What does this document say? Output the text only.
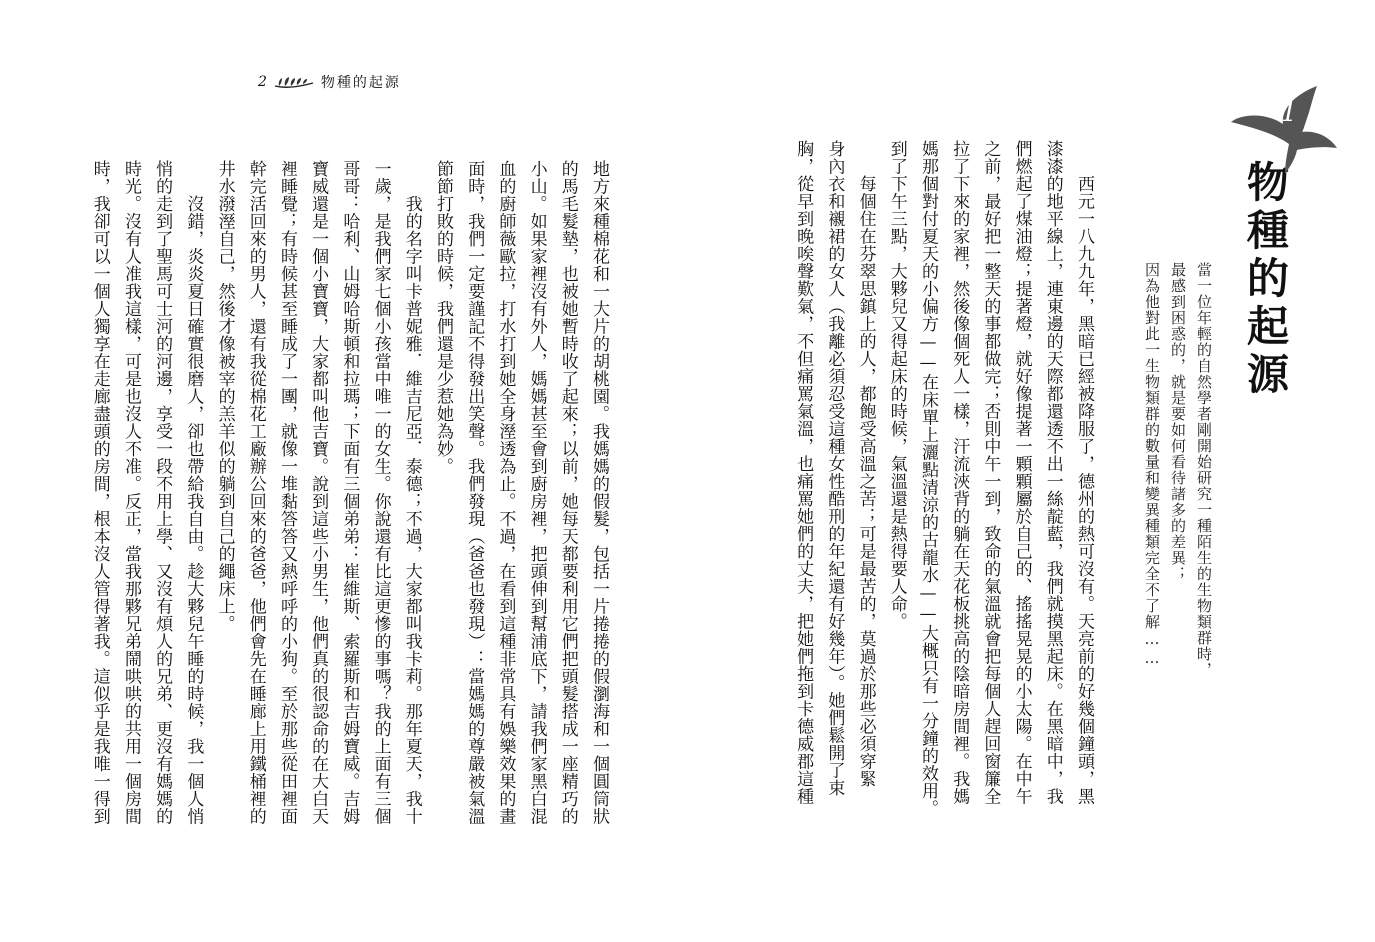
2	物種的起源
地方來種棉花和一大片的胡桃園。我媽媽的假髮，包括一片捲捲的假瀏海和一個圓筒狀
的馬毛髮墊，也被她暫時收了起來；以前，她每天都要利用它們把頭髮搭成一座精巧的
小山。如果家裡沒有外人，媽媽甚至會到廚房裡，把頭伸到幫浦底下，請我們家黑白混
血的廚師薇歐拉，打水打到她全身溼透為止。不過，在看到這種非常具有娛樂效果的畫
面時，我們一定要謹記不得發出笑聲。我們發現（爸爸也發現）：當媽媽的尊嚴被氣溫
節節打敗的時候，我們還是少惹她為妙。
　　我的名字叫卡普妮雅．維吉尼亞．泰德；不過，大家都叫我卡莉。那年夏天，我十
一歲，是我們家七個小孩當中唯一的女生。你說還有比這更慘的事嗎？我的上面有三個
哥哥：哈利、山姆哈斯頓和拉瑪；下面有三個弟弟：崔維斯、索羅斯和吉姆寶威。吉姆
寶威還是一個小寶寶，大家都叫他吉寶。說到這些小男生，他們真的很認命的在大白天
裡睡覺；有時候甚至睡成了一團，就像一堆黏答答又熱呼呼的小狗。至於那些從田裡面
幹完活回來的男人，還有我從棉花工廠辦公回來的爸爸，他們會先在睡廊上用鐵桶裡的
井水潑溼自己，然後才像被宰的羔羊似的躺到自己的繩床上。
　　沒錯，炎炎夏日確實很磨人，卻也帶給我自由。趁大夥兒午睡的時候，我一個人悄
悄的走到了聖馬可士河的河邊，享受一段不用上學、又沒有煩人的兄弟、更沒有媽媽的
時光。沒有人准我這樣，可是也沒人不准。反正，當我那夥兄弟鬧哄哄的共用一個房間
時，我卻可以一個人獨享在走廊盡頭的房間，根本沒人管得著我。這似乎是我唯一得到	　　西元一八九九年，黑暗已經被降服了，德州的熱可沒有。天亮前的好幾個鐘頭，黑
漆漆的地平線上，連東邊的天際都還透不出一絲靛藍，我們就摸黑起床。在黑暗中，我
們燃起了煤油燈；提著燈，就好像提著一顆顆屬於自己的、搖搖晃晃的小太陽。在中午
之前，最好把一整天的事都做完；否則中午一到，致命的氣溫就會把每個人趕回窗簾全
拉了下來的家裡，然後像個死人一樣，汗流浹背的躺在天花板挑高的陰暗房間裡。我媽
媽那個對付夏天的小偏方——在床單上灑點清涼的古龍水——大概只有一分鐘的效用。
到了下午三點，大夥兒又得起床的時候，氣溫還是熱得要人命。
　　每個住在芬翠思鎮上的人，都飽受高溫之苦；可是最苦的，莫過於那些必須穿緊
身內衣和襯裙的女人（我離必須忍受這種女性酷刑的年紀還有好幾年）。她們鬆開了束
胸，從早到晚唉聲歎氣，不但痛罵氣溫，也痛罵她們的丈夫，把她們拖到卡德威郡這種	當一位年輕的自然學者剛開始研究一種陌生的生物類群時，
最感到困惑的，就是要如何看待諸多的差異；
因為他對此一生物類群的數量和變異種類完全不了解…… 物種的起源
1
